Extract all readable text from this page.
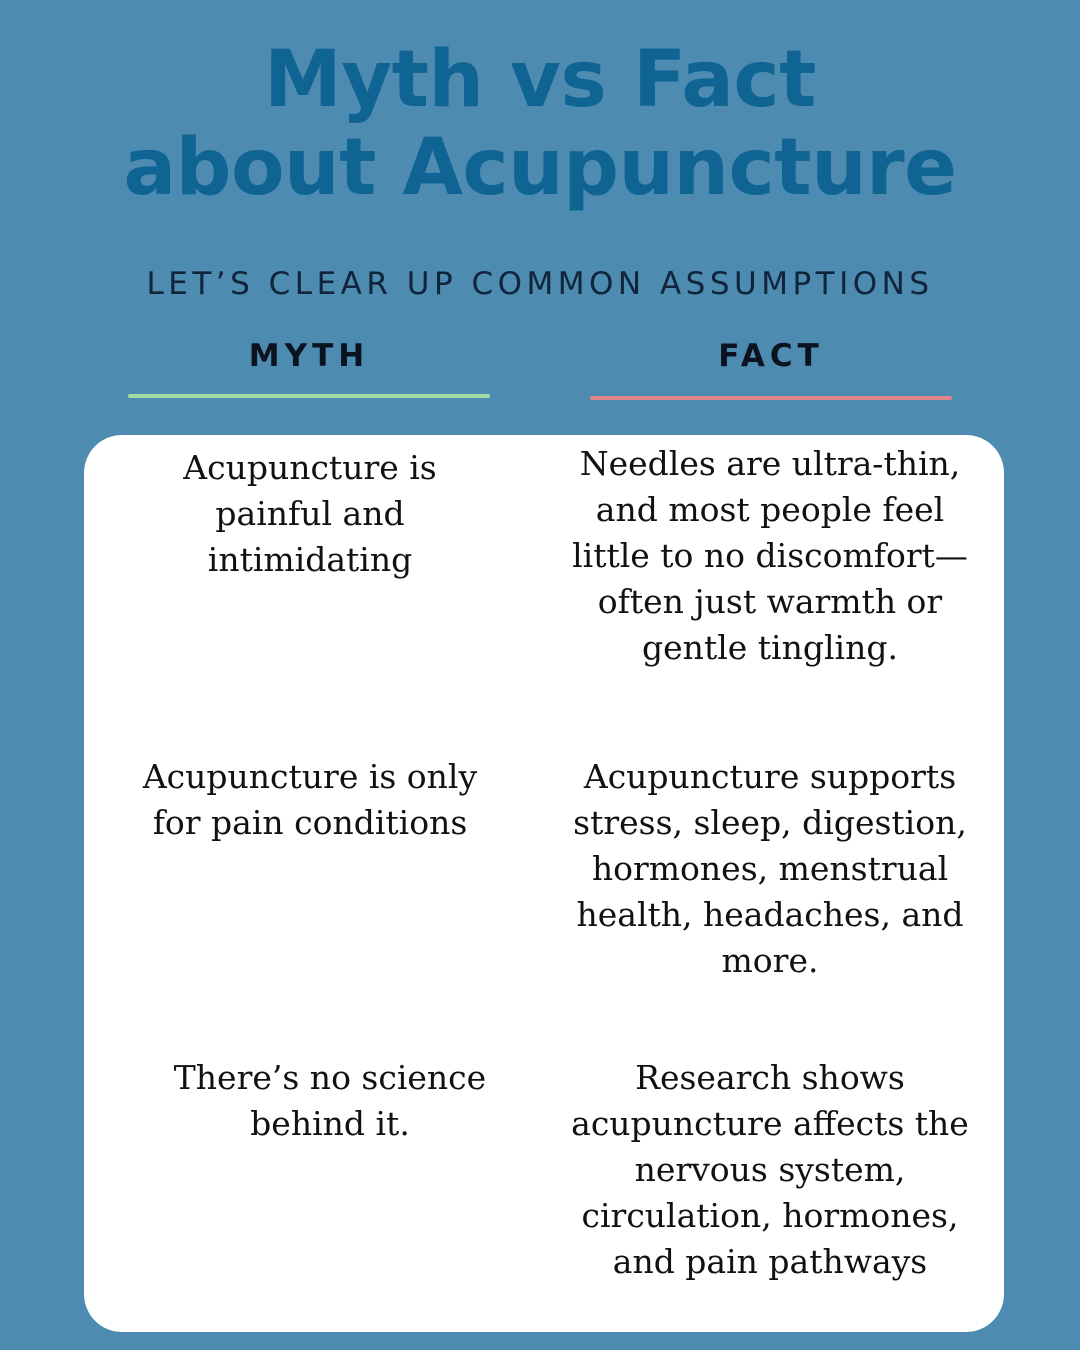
Myth vs Fact
about Acupuncture
LET’S CLEAR UP COMMON ASSUMPTIONS
MYTH	FACT

Acupuncture is painful and intimidating

Needles are ultra-thin, and most people feel little to no discomfort—often just warmth or gentle tingling.

Acupuncture is only for pain conditions

Acupuncture supports stress, sleep, digestion, hormones, menstrual health, headaches, and more.

There’s no science behind it.

Research shows acupuncture affects the nervous system, circulation, hormones, and pain pathways
